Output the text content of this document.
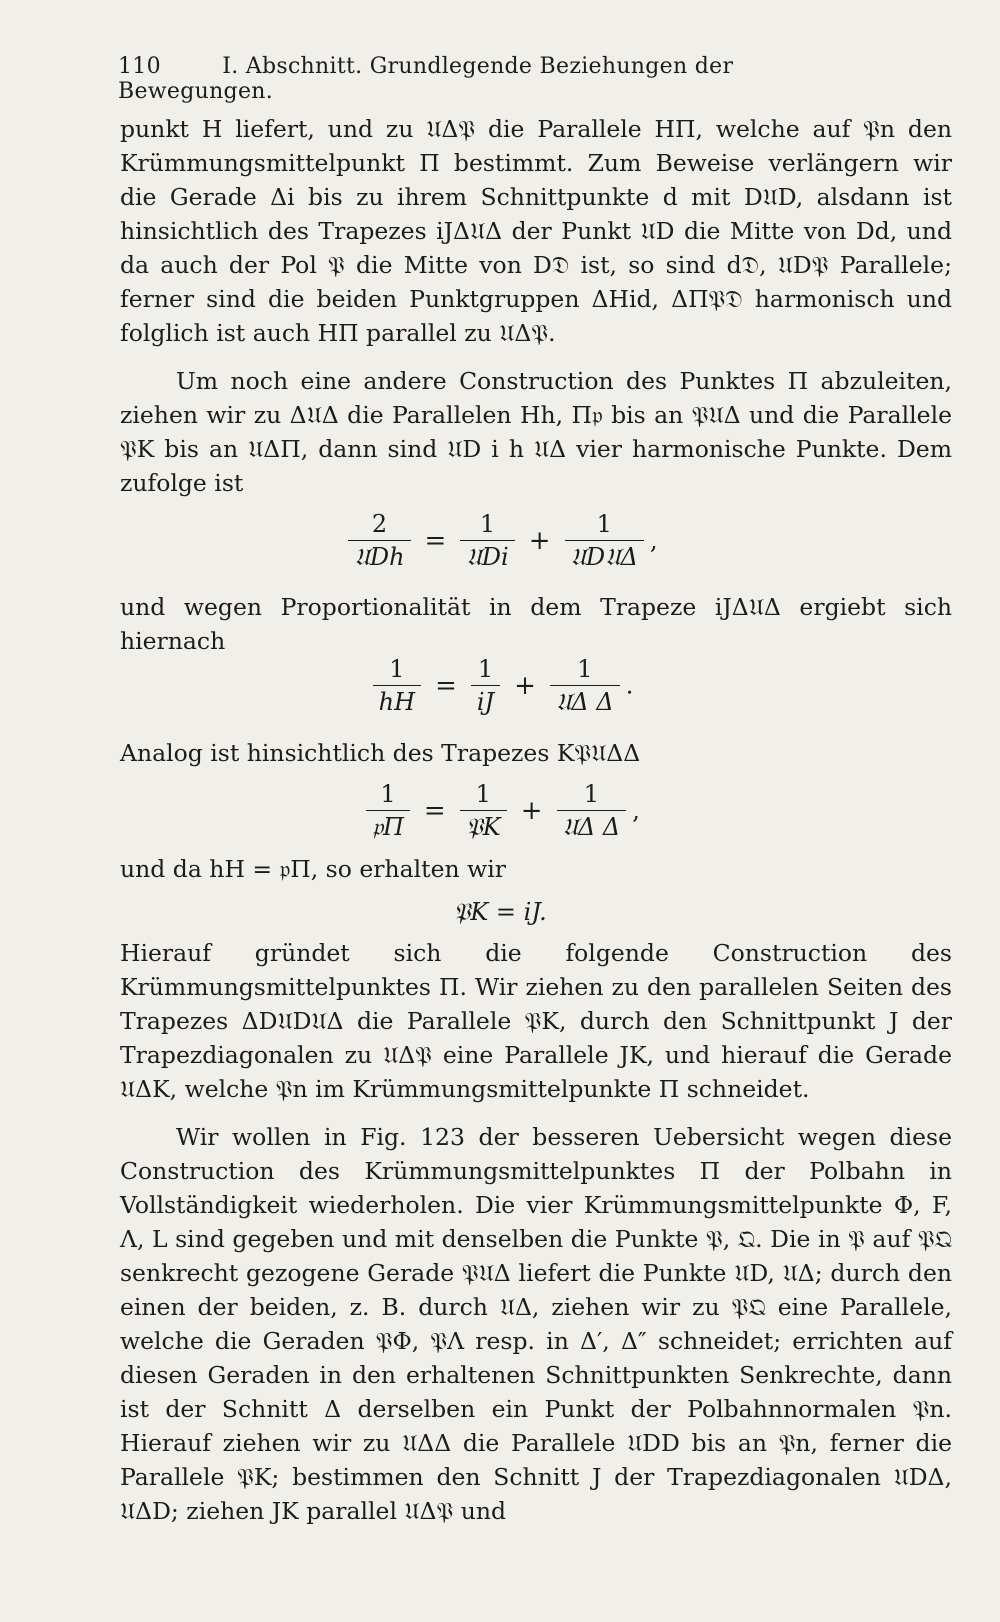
110	I. Abschnitt. Grundlegende Beziehungen der Bewegungen.

punkt H liefert, und zu 𝔘Δ𝔓 die Parallele HΠ, welche auf 𝔓n den Krümmungsmittelpunkt Π bestimmt. Zum Beweise verlängern wir die Gerade Δi bis zu ihrem Schnittpunkte d mit D𝔘D, alsdann ist hinsichtlich des Trapezes iJΔ𝔘Δ der Punkt 𝔘D die Mitte von Dd, und da auch der Pol 𝔓 die Mitte von D𝔇 ist, so sind d𝔇, 𝔘D𝔓 Parallele; ferner sind die beiden Punktgruppen ΔHid, ΔΠ𝔓𝔇 harmonisch und folglich ist auch HΠ parallel zu 𝔘Δ𝔓.

Um noch eine andere Construction des Punktes Π abzuleiten, ziehen wir zu Δ𝔘Δ die Parallelen Hh, Π𝔭 bis an 𝔓𝔘Δ und die Parallele 𝔓K bis an 𝔘ΔΠ, dann sind 𝔘D i h 𝔘Δ vier harmonische Punkte. Dem zufolge ist

$\frac{2}{\text{𝔘Dh}} = \frac{1}{\text{𝔘Di}} + \frac{1}{\text{𝔘D𝔘Δ}}$ ,

und wegen Proportionalität in dem Trapeze iJΔ𝔘Δ ergiebt sich hiernach

$\frac{1}{hH} = \frac{1}{iJ} + \frac{1}{\text{𝔘Δ Δ}}$ .

Analog ist hinsichtlich des Trapezes K𝔓𝔘ΔΔ

$\frac{1}{\text{𝔭Π}} = \frac{1}{\text{𝔓K}} + \frac{1}{\text{𝔘Δ Δ}}$ ,

und da hH = 𝔭Π, so erhalten wir

𝔓K = iJ.

Hierauf gründet sich die folgende Construction des Krümmungsmittelpunktes Π. Wir ziehen zu den parallelen Seiten des Trapezes ΔD𝔘D𝔘Δ die Parallele 𝔓K, durch den Schnittpunkt J der Trapezdiagonalen zu 𝔘Δ𝔓 eine Parallele JK, und hierauf die Gerade 𝔘ΔK, welche 𝔓n im Krümmungsmittelpunkte Π schneidet.

Wir wollen in Fig. 123 der besseren Uebersicht wegen diese Construction des Krümmungsmittelpunktes Π der Polbahn in Vollständigkeit wiederholen. Die vier Krümmungsmittelpunkte Φ, F, Λ, L sind gegeben und mit denselben die Punkte 𝔓, 𝔔. Die in 𝔓 auf 𝔓𝔔 senkrecht gezogene Gerade 𝔓𝔘Δ liefert die Punkte 𝔘D, 𝔘Δ; durch den einen der beiden, z. B. durch 𝔘Δ, ziehen wir zu 𝔓𝔔 eine Parallele, welche die Geraden 𝔓Φ, 𝔓Λ resp. in Δ′, Δ″ schneidet; errichten auf diesen Geraden in den erhaltenen Schnittpunkten Senkrechte, dann ist der Schnitt Δ derselben ein Punkt der Polbahnnormalen 𝔓n. Hierauf ziehen wir zu 𝔘ΔΔ die Parallele 𝔘DD bis an 𝔓n, ferner die Parallele 𝔓K; bestimmen den Schnitt J der Trapezdiagonalen 𝔘DΔ, 𝔘ΔD; ziehen JK parallel 𝔘Δ𝔓 und
